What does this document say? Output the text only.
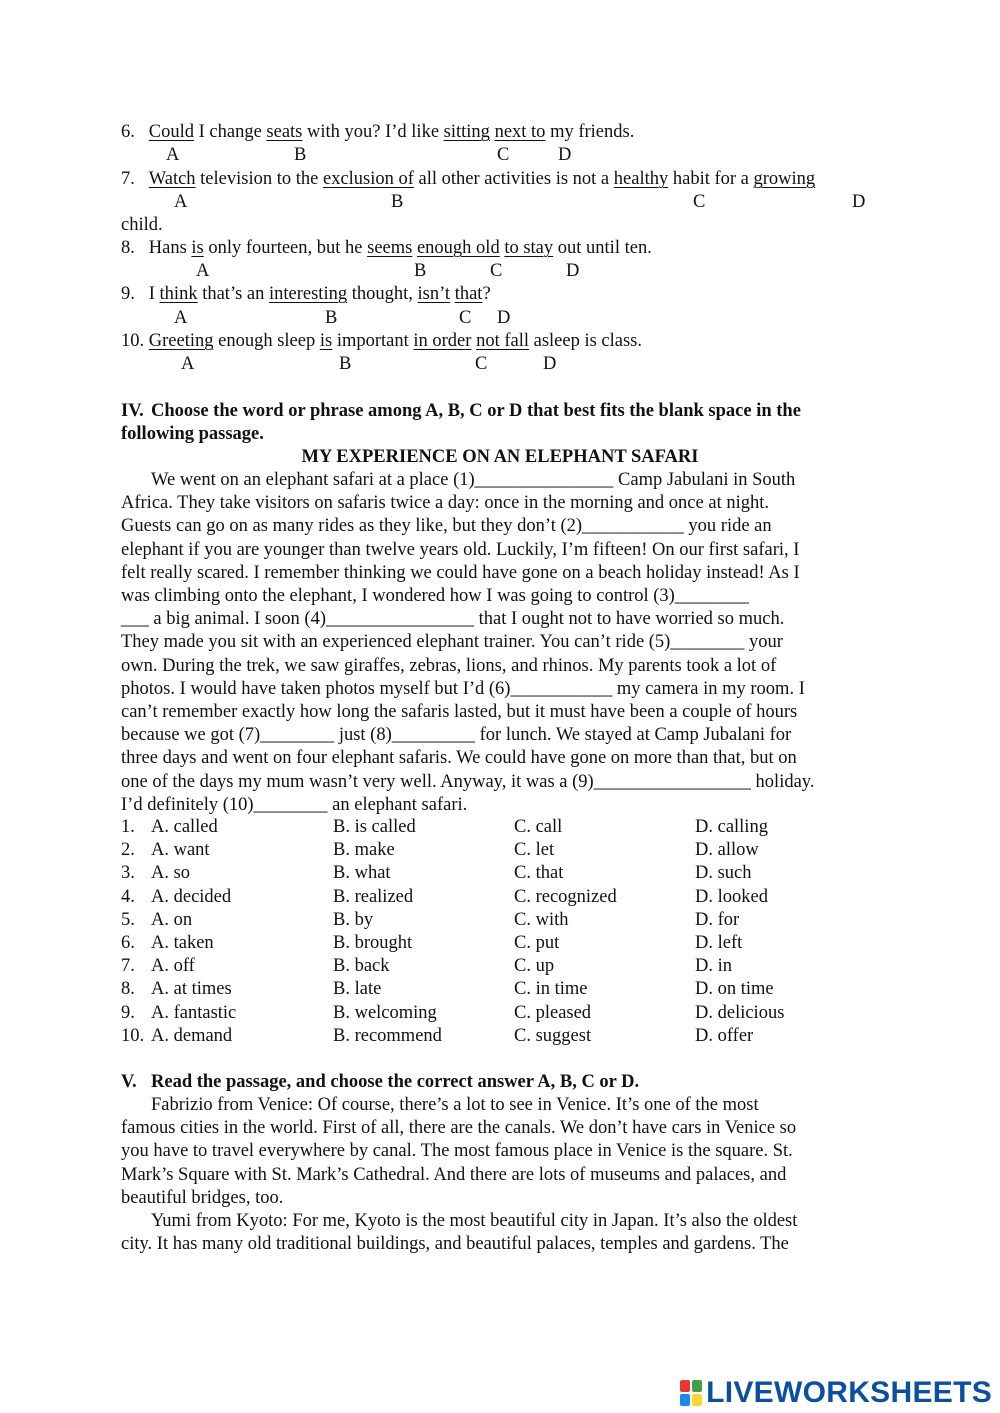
6. Could I change seats with you? I’d like sitting next to my friends.
A	B	C	D
7. Watch television to the exclusion of all other activities is not a healthy habit for a growing
A	B	C	D
child.
8. Hans is only fourteen, but he seems enough old to stay out until ten.
A	B	C	D
9. I think that’s an interesting thought, isn’t that?
A	B	C D
10. Greeting enough sleep is important in order not fall asleep is class.
A	B	C	D
IV. Choose the word or phrase among A, B, C or D that best fits the blank space in the
following passage.
MY EXPERIENCE ON AN ELEPHANT SAFARI
We went on an elephant safari at a place (1)_______________ Camp Jabulani in South
Africa. They take visitors on safaris twice a day: once in the morning and once at night.
Guests can go on as many rides as they like, but they don’t (2)___________ you ride an
elephant if you are younger than twelve years old. Luckily, I’m fifteen! On our first safari, I
felt really scared. I remember thinking we could have gone on a beach holiday instead! As I
was climbing onto the elephant, I wondered how I was going to control (3)________
___ a big animal. I soon (4)________________ that I ought not to have worried so much.
They made you sit with an experienced elephant trainer. You can’t ride (5)________ your
own. During the trek, we saw giraffes, zebras, lions, and rhinos. My parents took a lot of
photos. I would have taken photos myself but I’d (6)___________ my camera in my room. I
can’t remember exactly how long the safaris lasted, but it must have been a couple of hours
because we got (7)________ just (8)_________ for lunch. We stayed at Camp Jubalani for
three days and went on four elephant safaris. We could have gone on more than that, but on
one of the days my mum wasn’t very well. Anyway, it was a (9)_________________ holiday.
I’d definitely (10)________ an elephant safari.
1. A. called	B. is called	C. call	D. calling
2. A. want	B. make	C. let	D. allow
3. A. so	B. what	C. that	D. such
4. A. decided	B. realized	C. recognized	D. looked
5. A. on	B. by	C. with	D. for
6. A. taken	B. brought	C. put	D. left
7. A. off	B. back	C. up	D. in
8. A. at times	B. late	C. in time	D. on time
9. A. fantastic	B. welcoming	C. pleased	D. delicious
10. A. demand	B. recommend	C. suggest	D. offer
V. Read the passage, and choose the correct answer A, B, C or D.
Fabrizio from Venice: Of course, there’s a lot to see in Venice. It’s one of the most
famous cities in the world. First of all, there are the canals. We don’t have cars in Venice so
you have to travel everywhere by canal. The most famous place in Venice is the square. St.
Mark’s Square with St. Mark’s Cathedral. And there are lots of museums and palaces, and
beautiful bridges, too.
Yumi from Kyoto: For me, Kyoto is the most beautiful city in Japan. It’s also the oldest
city. It has many old traditional buildings, and beautiful palaces, temples and gardens. The
LIVEWORKSHEETS
